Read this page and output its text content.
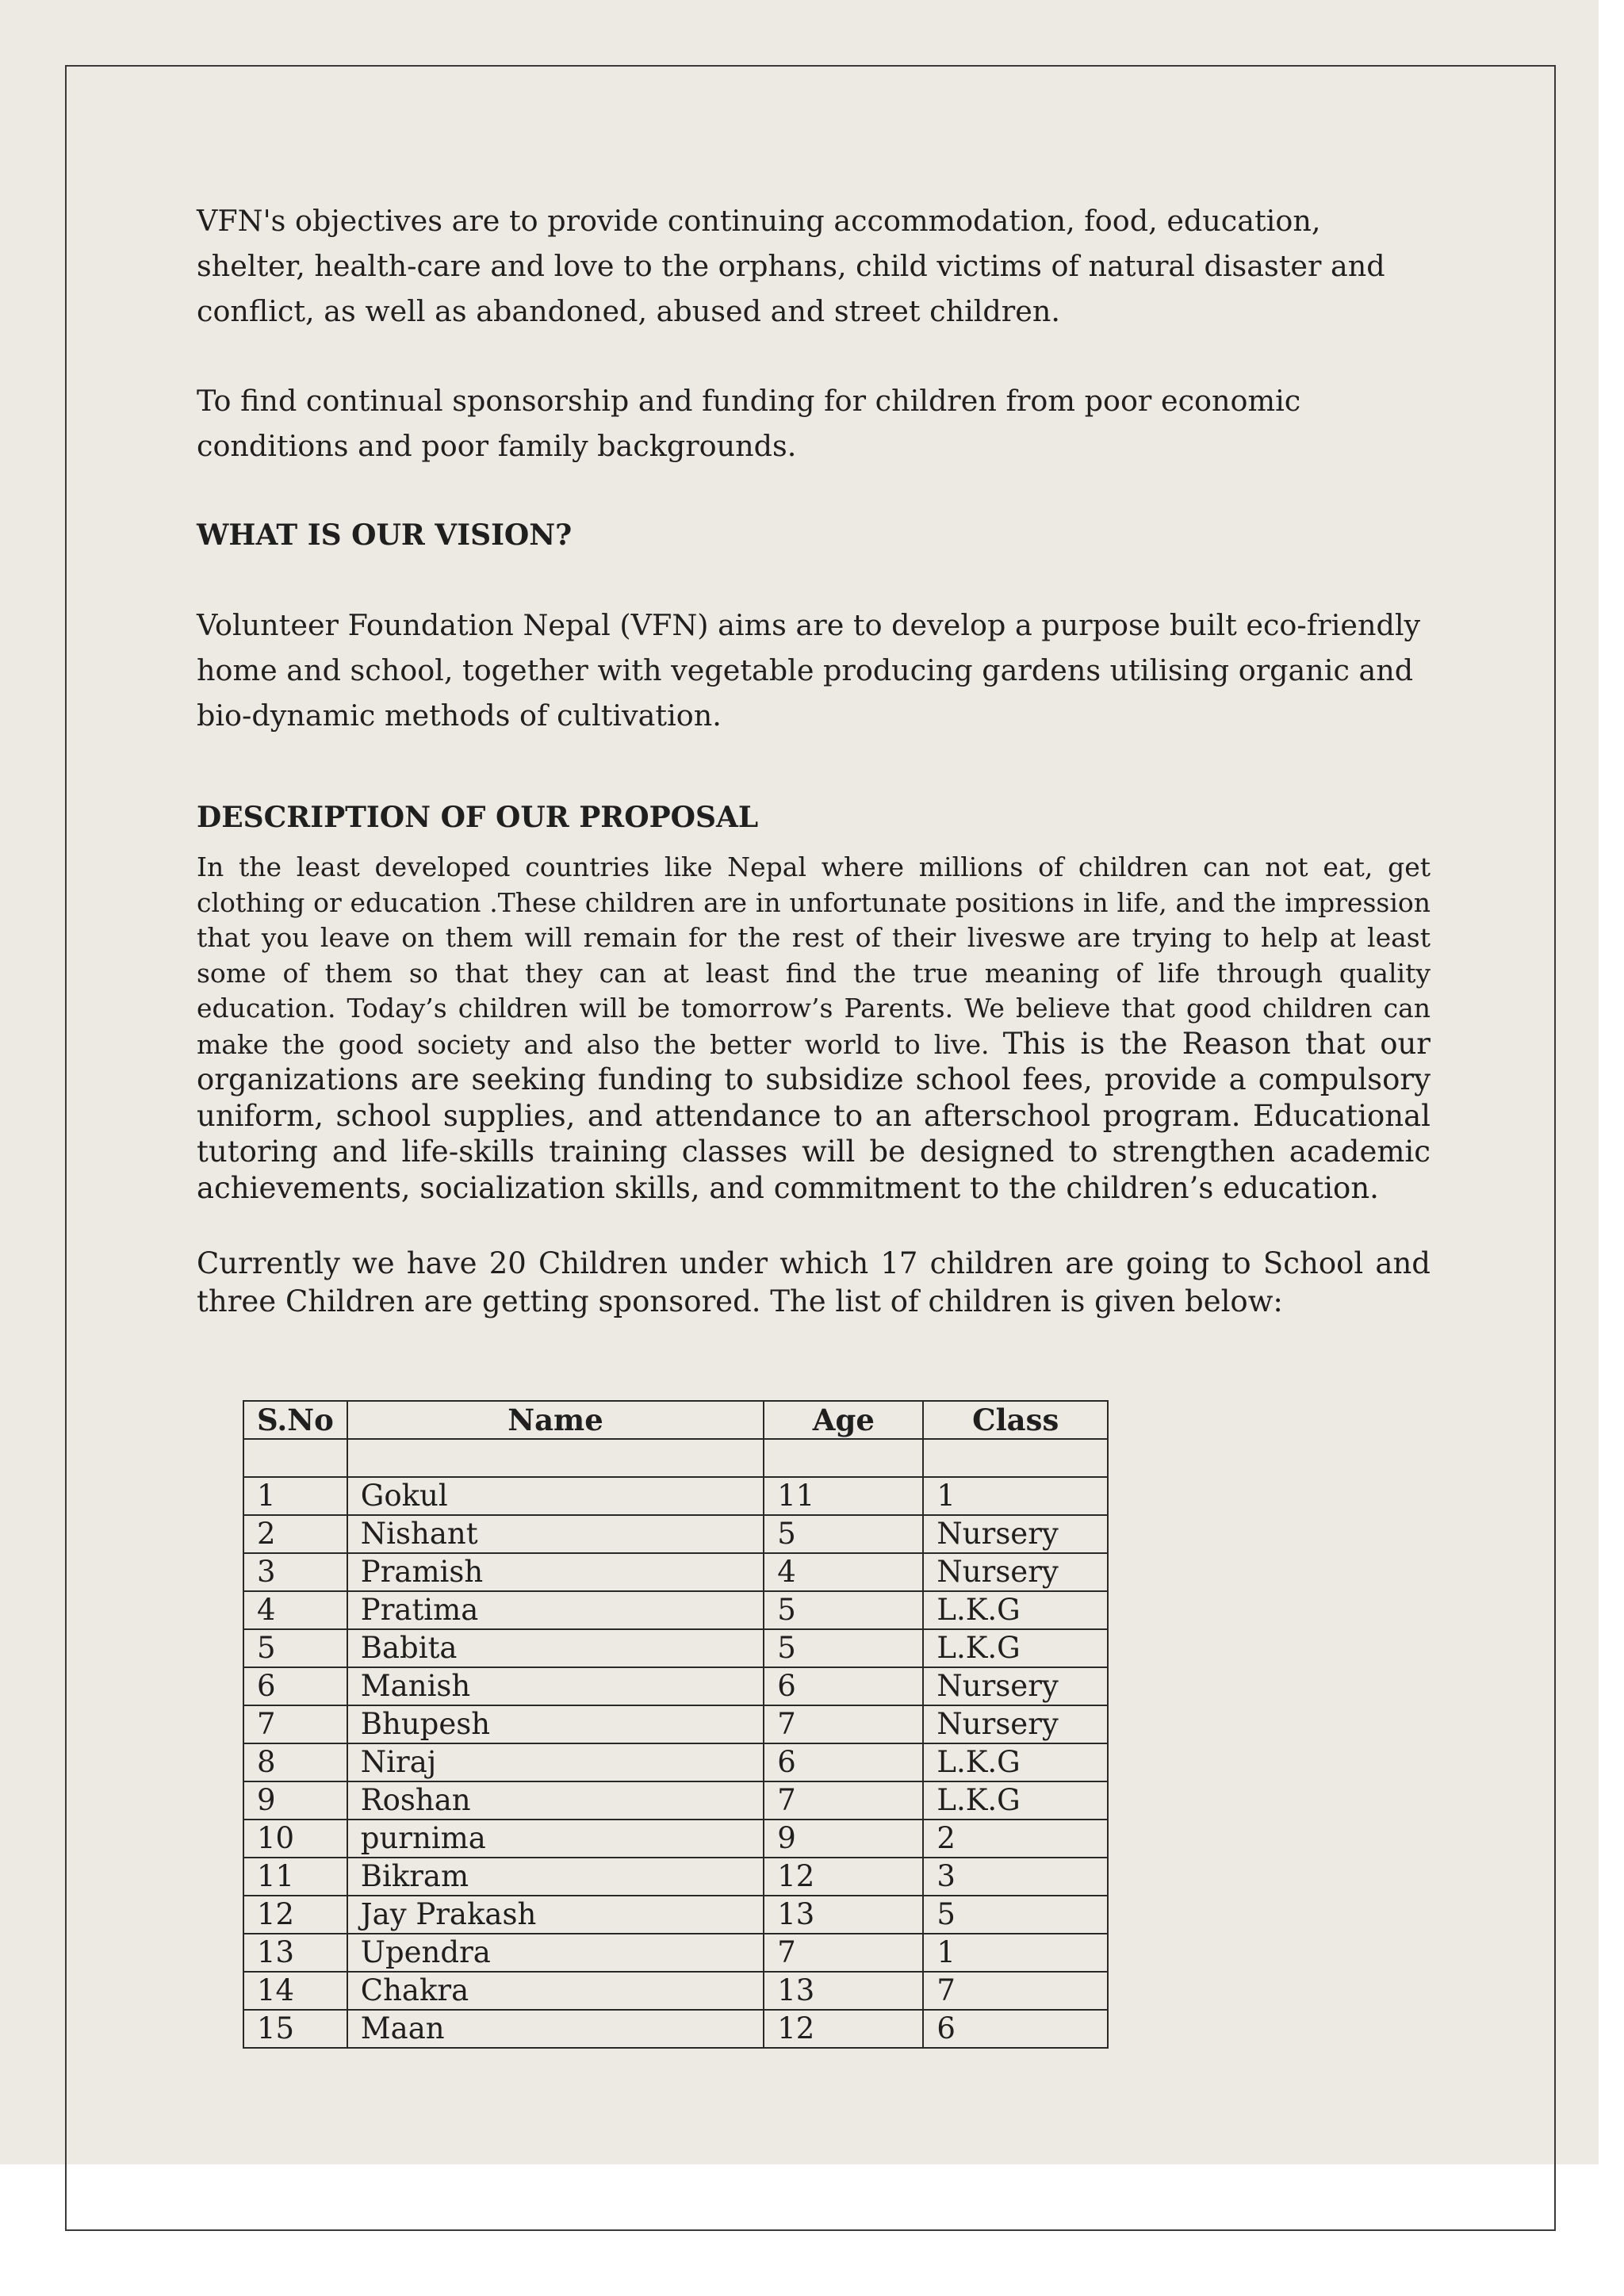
VFN's objectives are to provide continuing accommodation, food, education, shelter, health-care and love to the orphans, child victims of natural disaster and conflict, as well as abandoned, abused and street children.

To find continual sponsorship and funding for children from poor economic conditions and poor family backgrounds.

WHAT IS OUR VISION?

Volunteer Foundation Nepal (VFN) aims are to develop a purpose built eco-friendly home and school, together with vegetable producing gardens utilising organic and bio-dynamic methods of cultivation.

DESCRIPTION OF OUR PROPOSAL

In the least developed countries like Nepal where millions of children can not eat, get clothing or education .These children are in unfortunate positions in life, and the impression that you leave on them will remain for the rest of their liveswe are trying to help at least some of them so that they can at least find the true meaning of life through quality education. Today’s children will be tomorrow’s Parents. We believe that good children can make the good society and also the better world to live. This is the Reason that our organizations are seeking funding to subsidize school fees, provide a compulsory uniform, school supplies, and attendance to an afterschool program. Educational tutoring and life-skills training classes will be designed to strengthen academic achievements, socialization skills, and commitment to the children’s education.

Currently we have 20 Children under which 17 children are going to School and three Children are getting sponsored. The list of children is given below:

S.No	Name	Age	Class

1	Gokul	11	1
2	Nishant	5	Nursery
3	Pramish	4	Nursery
4	Pratima	5	L.K.G
5	Babita	5	L.K.G
6	Manish	6	Nursery
7	Bhupesh	7	Nursery
8	Niraj	6	L.K.G
9	Roshan	7	L.K.G
10	purnima	9	2
11	Bikram	12	3
12	Jay Prakash	13	5
13	Upendra	7	1
14	Chakra	13	7
15	Maan	12	6
